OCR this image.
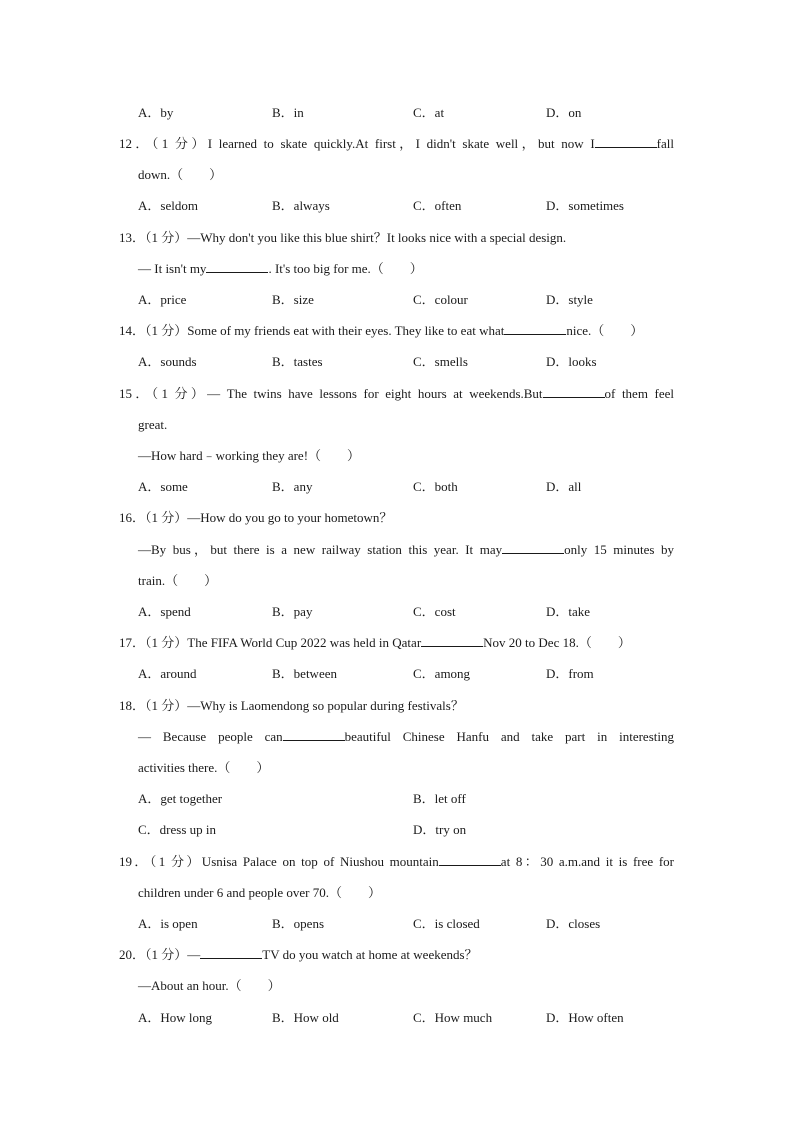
A．by	B．in	C．at	D．on
12．（1 分）I learned to skate quickly.At first，I didn't skate well，but now I	fall
down.（　　）
A．seldom	B．always	C．often	D．sometimes
13．（1 分）—Why don't you like this blue shirt？It looks nice with a special design.
— It isn't my	. It's too big for me.（　　）
A．price	B．size	C．colour	D．style
14．（1 分）Some of my friends eat with their eyes. They like to eat what	nice.（　　）
A．sounds	B．tastes	C．smells	D．looks
15．（1 分）— The twins have lessons for eight hours at weekends.But	of them feel
great.
—How hard﹣working they are!（　　）
A．some	B．any	C．both	D．all
16．（1 分）—How do you go to your hometown？
—By bus，but there is a new railway station this year. It may	only 15 minutes by
train.（　　）
A．spend	B．pay	C．cost	D．take
17．（1 分）The FIFA World Cup 2022 was held in Qatar	Nov 20 to Dec 18.（　　）
A．around	B．between	C．among	D．from
18．（1 分）—Why is Laomendong so popular during festivals？
— Because people can	beautiful Chinese Hanfu and take part in interesting
activities there.（　　）
A．get together	B．let off
C．dress up in	D．try on
19．（1 分）Usnisa Palace on top of Niushou mountain	at 8：30 a.m.and it is free for
children under 6 and people over 70.（　　）
A．is open	B．opens	C．is closed	D．closes
20．（1 分）—	TV do you watch at home at weekends？
—About an hour.（　　）
A．How long	B．How old	C．How much	D．How often
